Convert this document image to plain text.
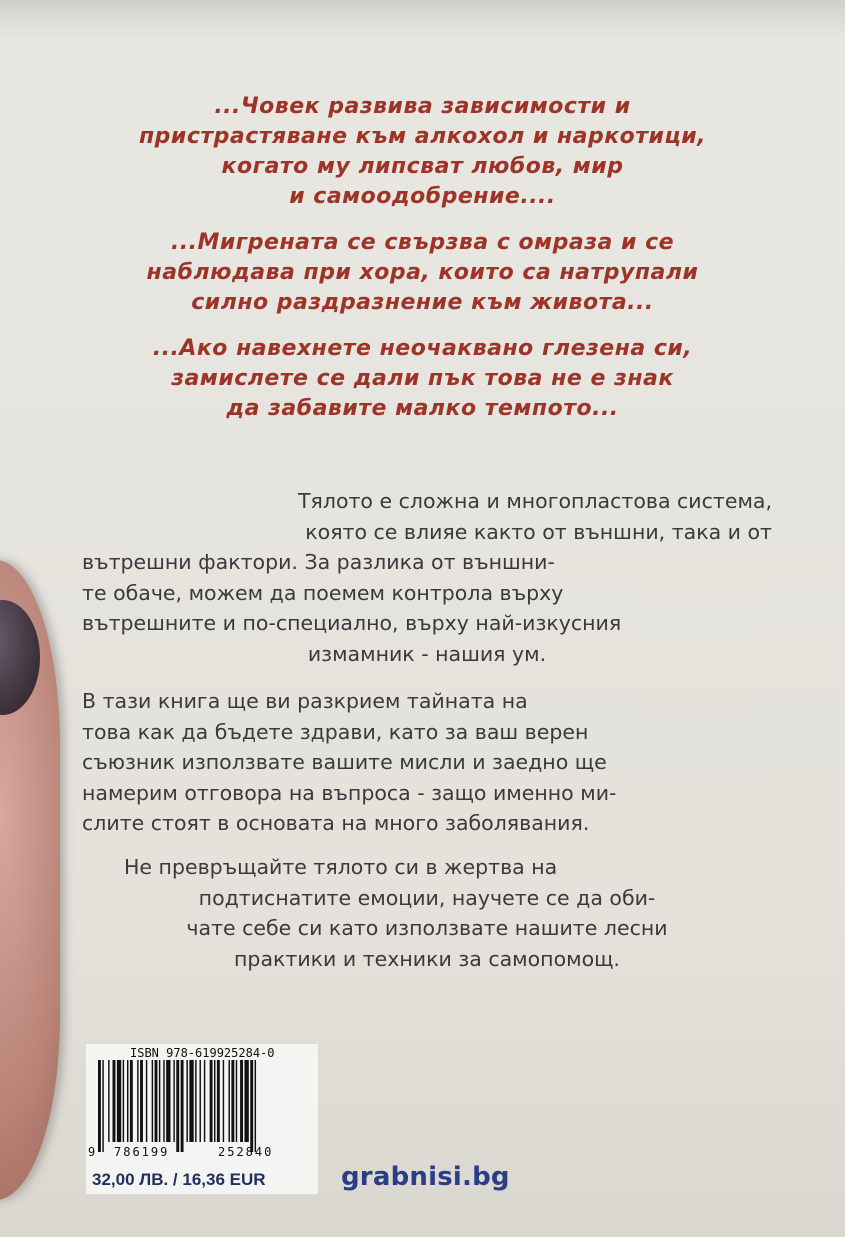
...Човек развива зависимости и
пристрастяване към алкохол и наркотици,
когато му липсват любов, мир
и самоодобрение....
...Мигрената се свързва с омраза и се
наблюдава при хора, които са натрупали
силно раздразнение към живота...
...Ако навехнете неочаквано глезена си,
замислете се дали пък това не е знак
да забавите малко темпото...
Тялото е сложна и многопластова система,
която се влияе както от външни, така и от
вътрешни фактори. За разлика от външни-
те обаче, можем да поемем контрола върху
вътрешните и по-специално, върху най-изкусния
измамник - нашия ум.
В тази книга ще ви разкрием тайната на
това как да бъдете здрави, като за ваш верен
съюзник използвате вашите мисли и заедно ще
намерим отговора на въпроса - защо именно ми-
слите стоят в основата на много заболявания.
Не превръщайте тялото си в жертва на
подтиснатите емоции, научете се да оби-
чате себе си като използвате нашите лесни
практики и техники за самопомощ.
ISBN 978-619925284-0
9 786199	252840
32,00 ЛВ. / 16,36 EUR	grabnisi.bg
